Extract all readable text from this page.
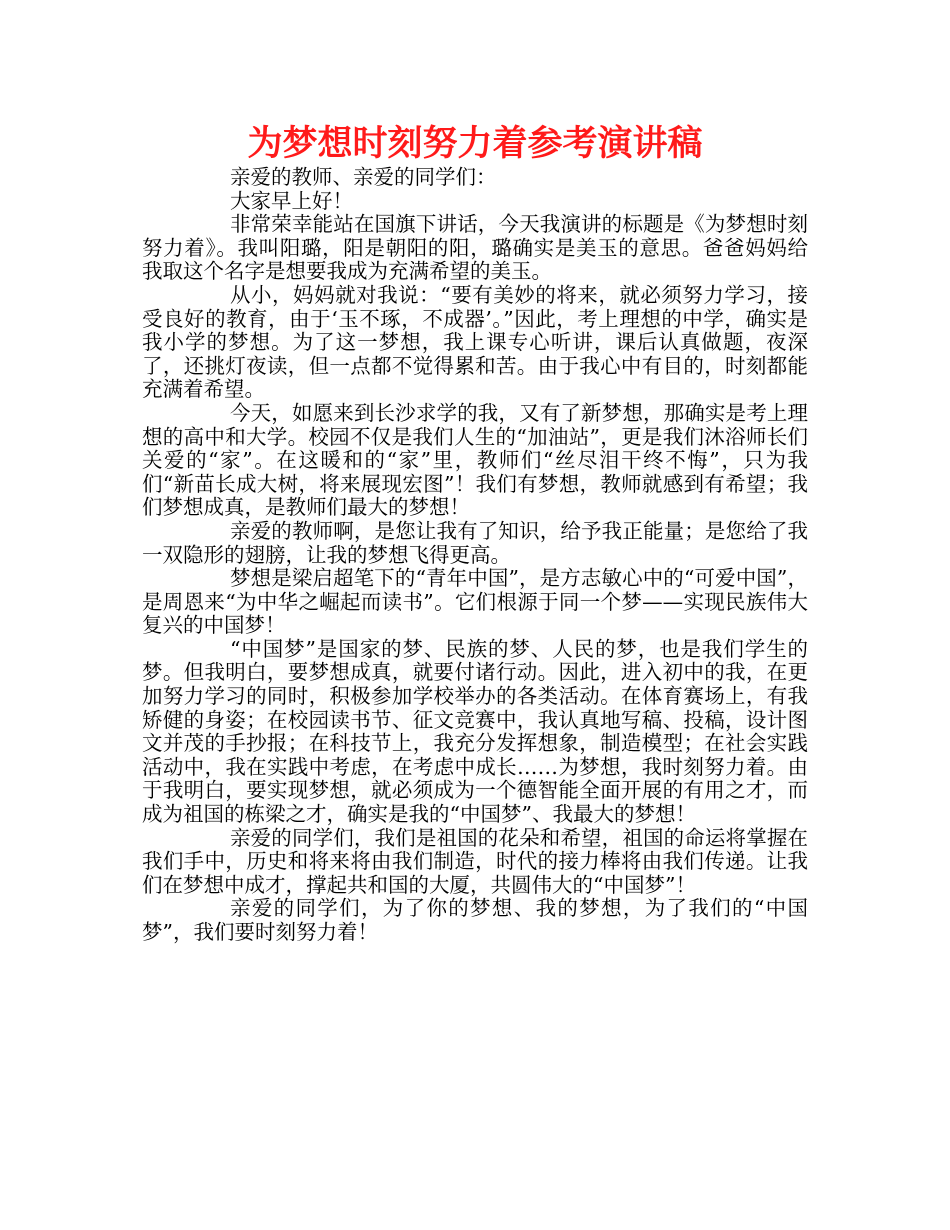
为梦想时刻努力着参考演讲稿

亲爱的教师、亲爱的同学们：

大家早上好！

非常荣幸能站在国旗下讲话，今天我演讲的标题是《为梦想时刻努力着》。我叫阳璐，阳是朝阳的阳，璐确实是美玉的意思。爸爸妈妈给我取这个名字是想要我成为充满希望的美玉。

从小，妈妈就对我说：“要有美妙的将来，就必须努力学习，接受良好的教育，由于‘玉不琢，不成器’。”因此，考上理想的中学，确实是我小学的梦想。为了这一梦想，我上课专心听讲，课后认真做题，夜深了，还挑灯夜读，但一点都不觉得累和苦。由于我心中有目的，时刻都能充满着希望。

今天，如愿来到长沙求学的我，又有了新梦想，那确实是考上理想的高中和大学。校园不仅是我们人生的“加油站”，更是我们沐浴师长们关爱的“家”。在这暖和的“家”里，教师们“丝尽泪干终不悔”，只为我们“新苗长成大树，将来展现宏图”！我们有梦想，教师就感到有希望；我们梦想成真，是教师们最大的梦想！

亲爱的教师啊，是您让我有了知识，给予我正能量；是您给了我一双隐形的翅膀，让我的梦想飞得更高。

梦想是梁启超笔下的“青年中国”，是方志敏心中的“可爱中国”，是周恩来“为中华之崛起而读书”。它们根源于同一个梦——实现民族伟大复兴的中国梦！

“中国梦”是国家的梦、民族的梦、人民的梦，也是我们学生的梦。但我明白，要梦想成真，就要付诸行动。因此，进入初中的我，在更加努力学习的同时，积极参加学校举办的各类活动。在体育赛场上，有我矫健的身姿；在校园读书节、征文竞赛中，我认真地写稿、投稿，设计图文并茂的手抄报；在科技节上，我充分发挥想象，制造模型；在社会实践活动中，我在实践中考虑，在考虑中成长……为梦想，我时刻努力着。由于我明白，要实现梦想，就必须成为一个德智能全面开展的有用之才，而成为祖国的栋梁之才，确实是我的“中国梦”、我最大的梦想！

亲爱的同学们，我们是祖国的花朵和希望，祖国的命运将掌握在我们手中，历史和将来将由我们制造，时代的接力棒将由我们传递。让我们在梦想中成才，撑起共和国的大厦，共圆伟大的“中国梦”！

亲爱的同学们，为了你的梦想、我的梦想，为了我们的“中国梦”，我们要时刻努力着！
